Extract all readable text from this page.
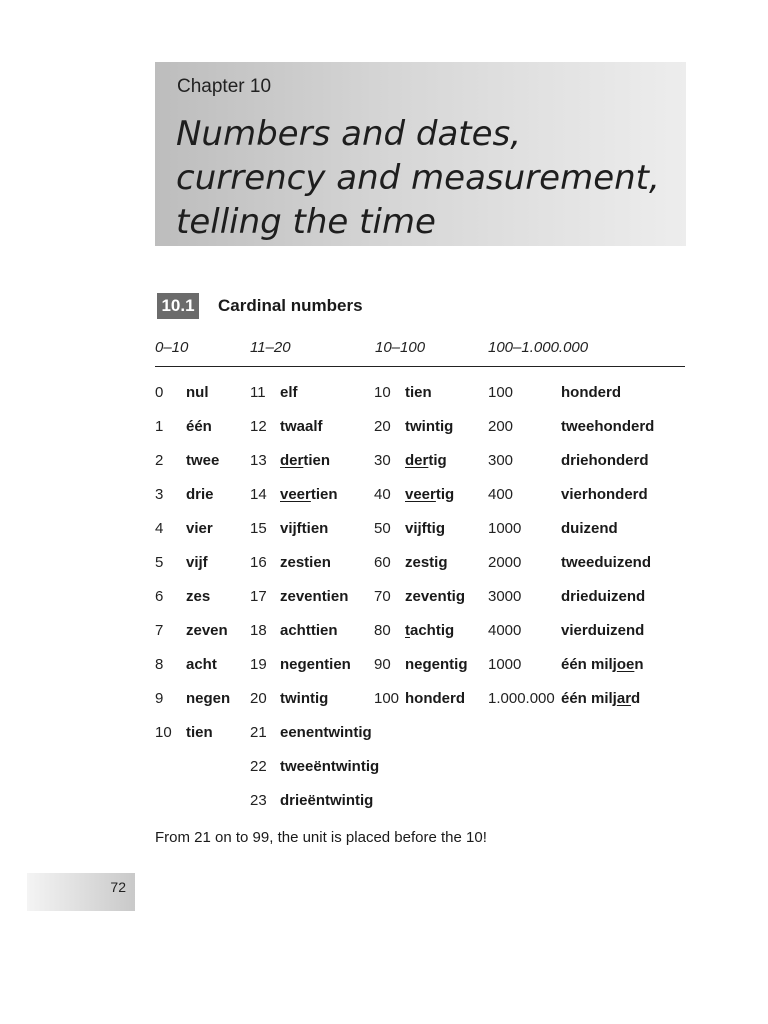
Chapter 10
Numbers and dates,
currency and measurement,
telling the time
10.1 Cardinal numbers
0–10	11–20	10–100	100–1.000.000
0 nul	11 elf	10 tien	100	honderd
1 één	12 twaalf	20 twintig 200	tweehonderd
2 twee 13 dertien	30 dertig	300	driehonderd
3 drie 14 veertien 40 veertig 400	vierhonderd
4 vier 15 vijftien	50 vijftig	1000	duizend
5 vijf	16 zestien	60 zestig	2000	tweeduizend
6 zes	17 zeventien 70 zeventig 3000	drieduizend
7 zeven 18 achttien 80 tachtig 4000	vierduizend
8 acht 19 negentien 90 negentig 1000	één miljoen
9 negen 20 twintig	100 honderd 1.000.000 één miljard
10 tien 21 eenentwintig
22 tweeëntwintig
23 drieëntwintig
From 21 on to 99, the unit is placed before the 10!
72
